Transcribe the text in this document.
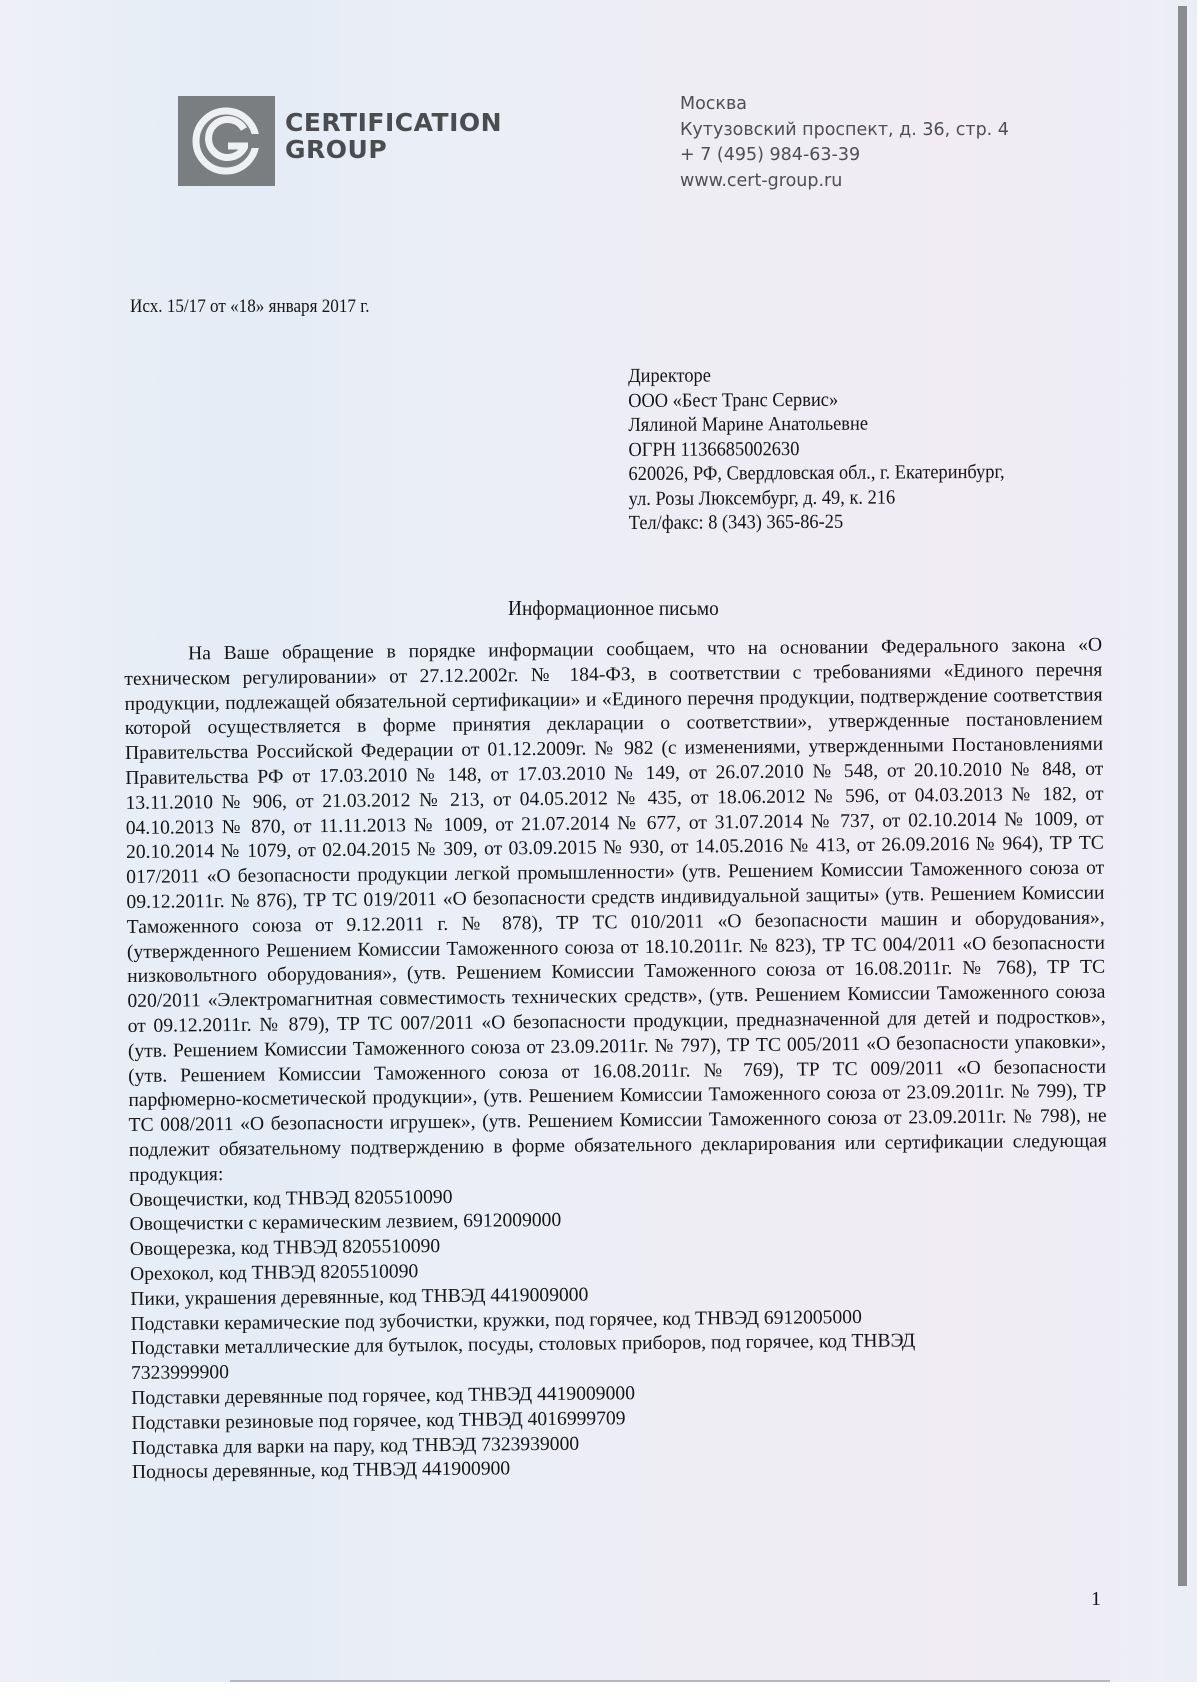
CERTIFICATION
GROUP
Москва
Кутузовский проспект, д. 36, стр. 4
+ 7 (495) 984-63-39
www.cert-group.ru
Исх. 15/17 от «18» января 2017 г.
Директоре
ООО «Бест Транс Сервис»
Лялиной Марине Анатольевне
ОГРН 1136685002630
620026, РФ, Свердловская обл., г. Екатеринбург,
ул. Розы Люксембург, д. 49, к. 216
Тел/факс: 8 (343) 365-86-25
Информационное письмо

На Ваше обращение в порядке информации сообщаем, что на основании Федерального закона «О техническом регулировании» от 27.12.2002г. № 184-ФЗ, в соответствии с требованиями «Единого перечня продукции, подлежащей обязательной сертификации» и «Единого перечня продукции, подтверждение соответствия которой осуществляется в форме принятия декларации о соответствии», утвержденные постановлением Правительства Российской Федерации от 01.12.2009г. № 982 (с изменениями, утвержденными Постановлениями Правительства РФ от 17.03.2010 № 148, от 17.03.2010 № 149, от 26.07.2010 № 548, от 20.10.2010 № 848, от 13.11.2010 № 906, от 21.03.2012 № 213, от 04.05.2012 № 435, от 18.06.2012 № 596, от 04.03.2013 № 182, от 04.10.2013 № 870, от 11.11.2013 № 1009, от 21.07.2014 № 677, от 31.07.2014 № 737, от 02.10.2014 № 1009, от 20.10.2014 № 1079, от 02.04.2015 № 309, от 03.09.2015 № 930, от 14.05.2016 № 413, от 26.09.2016 № 964), ТР ТС 017/2011 «О безопасности продукции легкой промышленности» (утв. Решением Комиссии Таможенного союза от 09.12.2011г. № 876), ТР ТС 019/2011 «О безопасности средств индивидуальной защиты» (утв. Решением Комиссии Таможенного союза от 9.12.2011 г. № 878), ТР ТС 010/2011 «О безопасности машин и оборудования», (утвержденного Решением Комиссии Таможенного союза от 18.10.2011г. № 823), ТР ТС 004/2011 «О безопасности низковольтного оборудования», (утв. Решением Комиссии Таможенного союза от 16.08.2011г. № 768), ТР ТС 020/2011 «Электромагнитная совместимость технических средств», (утв. Решением Комиссии Таможенного союза от 09.12.2011г. № 879), ТР ТС 007/2011 «О безопасности продукции, предназначенной для детей и подростков», (утв. Решением Комиссии Таможенного союза от 23.09.2011г. № 797), ТР ТС 005/2011 «О безопасности упаковки», (утв. Решением Комиссии Таможенного союза от 16.08.2011г. № 769), ТР ТС 009/2011 «О безопасности парфюмерно-косметической продукции», (утв. Решением Комиссии Таможенного союза от 23.09.2011г. № 799), ТР ТС 008/2011 «О безопасности игрушек», (утв. Решением Комиссии Таможенного союза от 23.09.2011г. № 798), не подлежит обязательному подтверждению в форме обязательного декларирования или сертификации следующая продукция:

Овощечистки, код ТНВЭД 8205510090
Овощечистки с керамическим лезвием, 6912009000
Овощерезка, код ТНВЭД 8205510090
Орехокол, код ТНВЭД 8205510090
Пики, украшения деревянные, код ТНВЭД 4419009000
Подставки керамические под зубочистки, кружки, под горячее, код ТНВЭД 6912005000
Подставки металлические для бутылок, посуды, столовых приборов, под горячее, код ТНВЭД
7323999900
Подставки деревянные под горячее, код ТНВЭД 4419009000
Подставки резиновые под горячее, код ТНВЭД 4016999709
Подставка для варки на пару, код ТНВЭД 7323939000
Подносы деревянные, код ТНВЭД 441900900
1
